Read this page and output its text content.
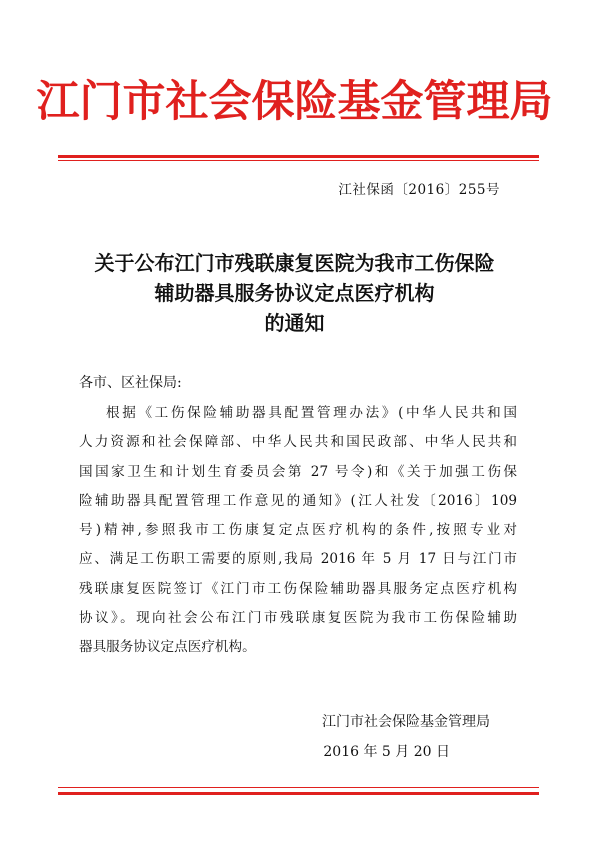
江门市社会保险基金管理局
江社保函〔2016〕255号
关于公布江门市残联康复医院为我市工伤保险
辅助器具服务协议定点医疗机构
的通知
各市、区社保局:
根据《工伤保险辅助器具配置管理办法》(中华人民共和国
人力资源和社会保障部、中华人民共和国民政部、中华人民共和
国国家卫生和计划生育委员会第 27 号令)和《关于加强工伤保
险辅助器具配置管理工作意见的通知》(江人社发〔2016〕109
号)精神,参照我市工伤康复定点医疗机构的条件,按照专业对
应、满足工伤职工需要的原则,我局 2016 年 5 月 17 日与江门市
残联康复医院签订《江门市工伤保险辅助器具服务定点医疗机构
协议》。现向社会公布江门市残联康复医院为我市工伤保险辅助
器具服务协议定点医疗机构。
江门市社会保险基金管理局
2016 年 5 月 20 日
